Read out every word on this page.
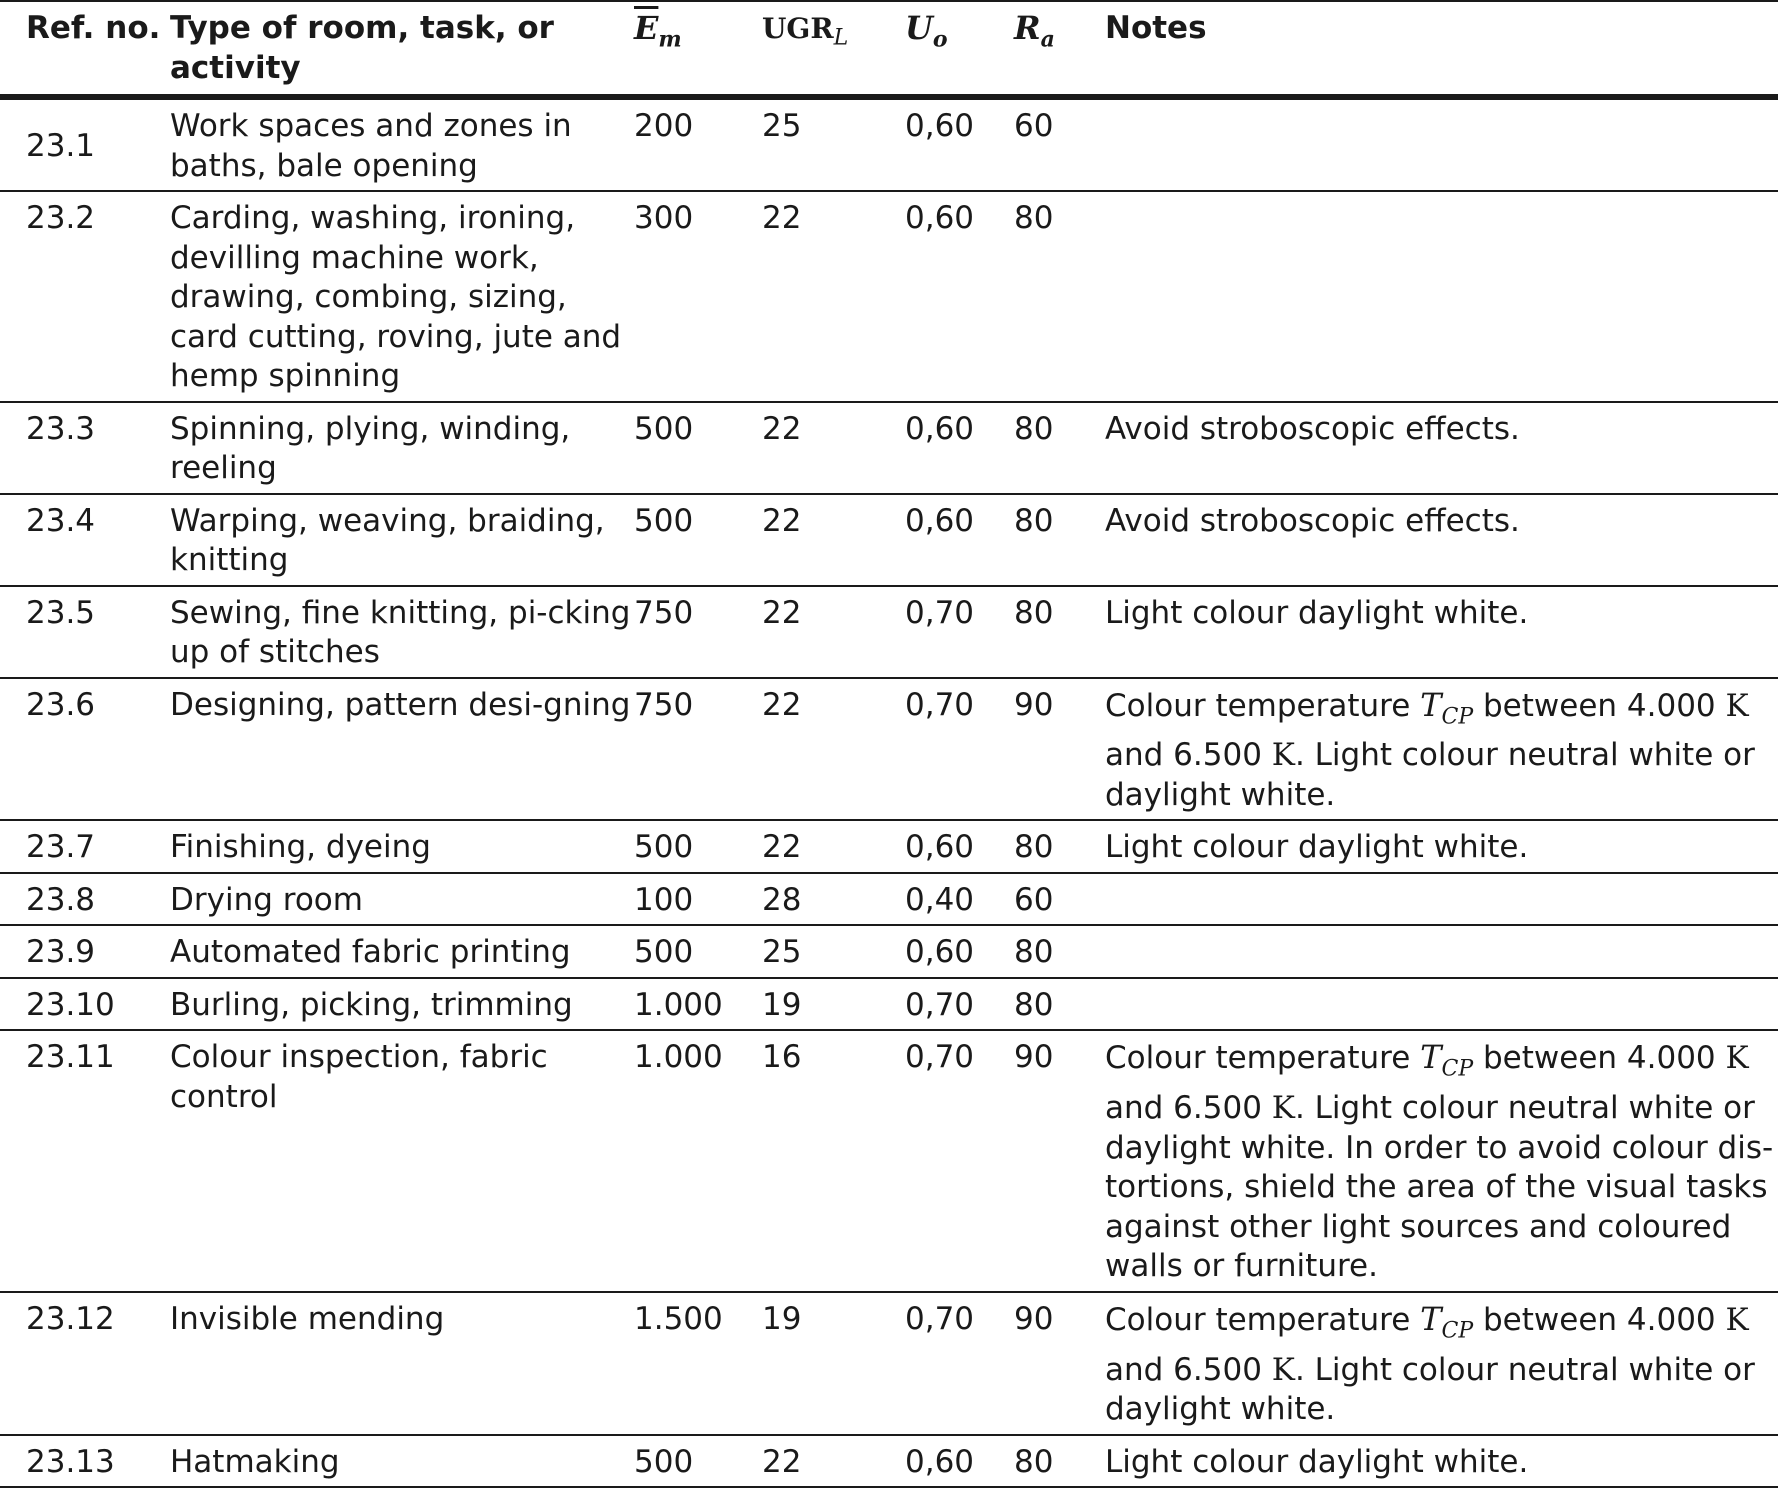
Ref. no.	Type of room, task, or activity	$\overline{E}_m$	$UGR_L$	$U_o$	$R_a$	Notes
23.1	Work spaces and zones in baths, bale opening	200	25	0,60	60	
23.2	Carding, washing, ironing, devilling machine work, drawing, combing, sizing, card cutting, roving, jute and hemp spinning	300	22	0,60	80	
23.3	Spinning, plying, winding, reeling	500	22	0,60	80	Avoid stroboscopic effects.
23.4	Warping, weaving, braiding, knitting	500	22	0,60	80	Avoid stroboscopic effects.
23.5	Sewing, fine knitting, pi-cking up of stitches	750	22	0,70	80	Light colour daylight white.
23.6	Designing, pattern desi-gning	750	22	0,70	90	Colour temperature $T_{CP}$ between 4.000 K and 6.500 K. Light colour neutral white or daylight white.
23.7	Finishing, dyeing	500	22	0,60	80	Light colour daylight white.
23.8	Drying room	100	28	0,40	60	
23.9	Automated fabric printing	500	25	0,60	80	
23.10	Burling, picking, trimming	1.000	19	0,70	80	
23.11	Colour inspection, fabric control	1.000	16	0,70	90	Colour temperature $T_{CP}$ between 4.000 K and 6.500 K. Light colour neutral white or daylight white. In order to avoid colour dis-tortions, shield the area of the visual tasks against other light sources and coloured walls or furniture.
23.12	Invisible mending	1.500	19	0,70	90	Colour temperature $T_{CP}$ between 4.000 K and 6.500 K. Light colour neutral white or daylight white.
23.13	Hatmaking	500	22	0,60	80	Light colour daylight white.
